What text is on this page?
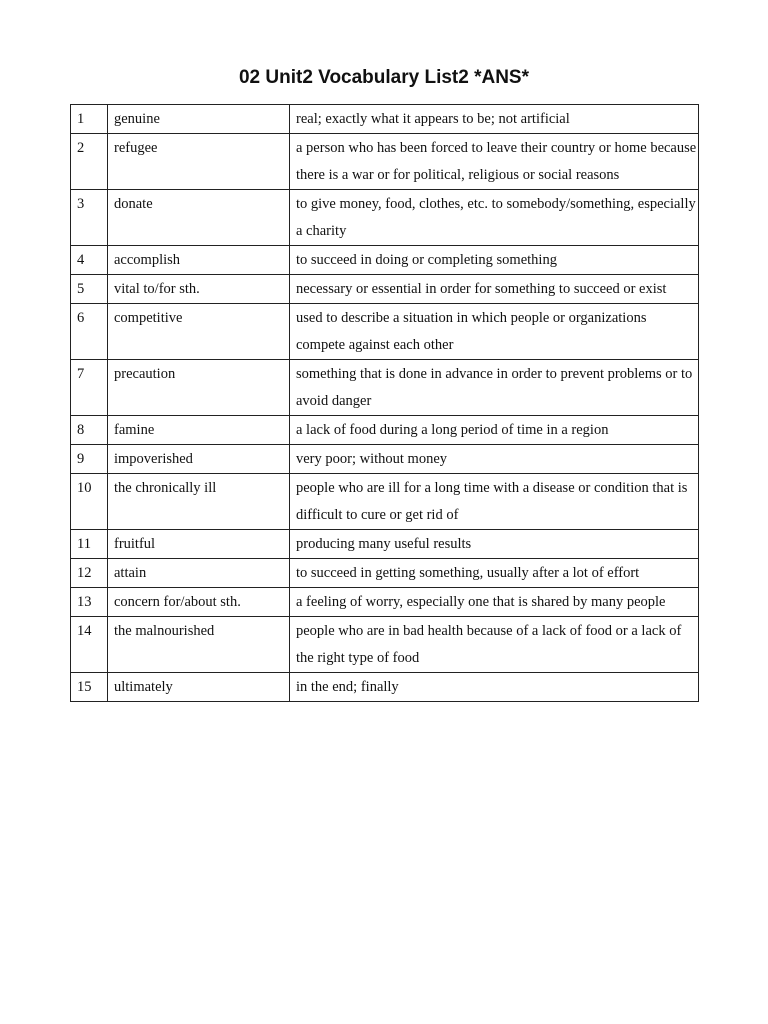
02 Unit2 Vocabulary List2 *ANS*
1	genuine	real; exactly what it appears to be; not artificial
2	refugee	a person who has been forced to leave their country or home because there is a war or for political, religious or social reasons
3	donate	to give money, food, clothes, etc. to somebody/something, especially a charity
4	accomplish	to succeed in doing or completing something
5	vital to/for sth.	necessary or essential in order for something to succeed or exist
6	competitive	used to describe a situation in which people or organizations compete against each other
7	precaution	something that is done in advance in order to prevent problems or to avoid danger
8	famine	a lack of food during a long period of time in a region
9	impoverished	very poor; without money
10	the chronically ill	people who are ill for a long time with a disease or condition that is difficult to cure or get rid of
11	fruitful	producing many useful results
12	attain	to succeed in getting something, usually after a lot of effort
13	concern for/about sth.	a feeling of worry, especially one that is shared by many people
14	the malnourished	people who are in bad health because of a lack of food or a lack of the right type of food
15	ultimately	in the end; finally
